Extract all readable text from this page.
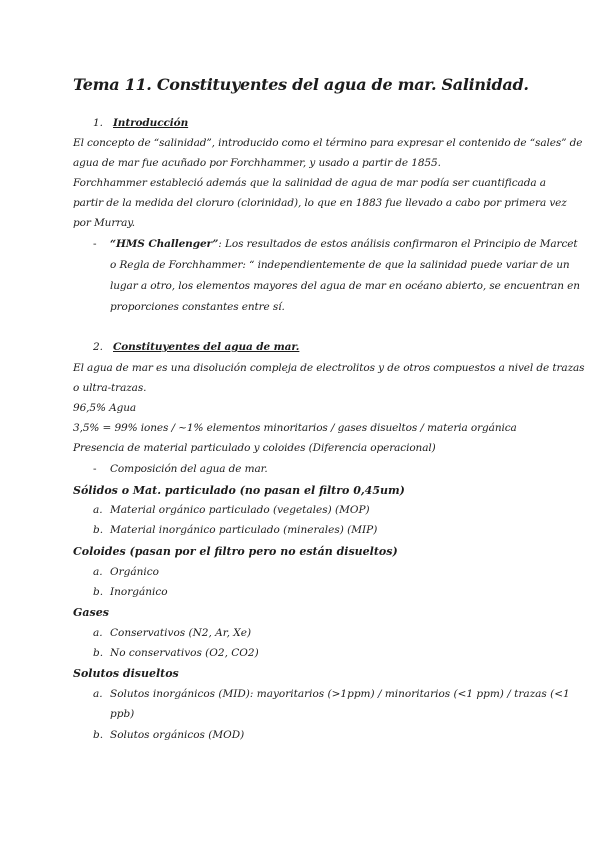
Tema 11. Constituyentes del agua de mar. Salinidad.
1. Introducción
El concepto de “salinidad”, introducido como el término para expresar el contenido de “sales” de
agua de mar fue acuñado por Forchhammer, y usado a partir de 1855.
Forchhammer estableció además que la salinidad de agua de mar podía ser cuantificada a
partir de la medida del cloruro (clorinidad), lo que en 1883 fue llevado a cabo por primera vez
por Murray.
- “HMS Challenger”: Los resultados de estos análisis confirmaron el Principio de Marcet
o Regla de Forchhammer: “ independientemente de que la salinidad puede variar de un
lugar a otro, los elementos mayores del agua de mar en océano abierto, se encuentran en
proporciones constantes entre sí.
2. Constituyentes del agua de mar.
El agua de mar es una disolución compleja de electrolitos y de otros compuestos a nivel de trazas
o ultra-trazas.
96,5% Agua
3,5% = 99% iones / ~1% elementos minoritarios / gases disueltos / materia orgánica
Presencia de material particulado y coloides (Diferencia operacional)
- Composición del agua de mar.
Sólidos o Mat. particulado (no pasan el filtro 0,45um)
a. Material orgánico particulado (vegetales) (MOP)
b. Material inorgánico particulado (minerales) (MIP)
Coloides (pasan por el filtro pero no están disueltos)
a. Orgánico
b. Inorgánico
Gases
a. Conservativos (N2, Ar, Xe)
b. No conservativos (O2, CO2)
Solutos disueltos
a. Solutos inorgánicos (MID): mayoritarios (>1ppm) / minoritarios (<1 ppm) / trazas (<1
ppb)
b. Solutos orgánicos (MOD)
